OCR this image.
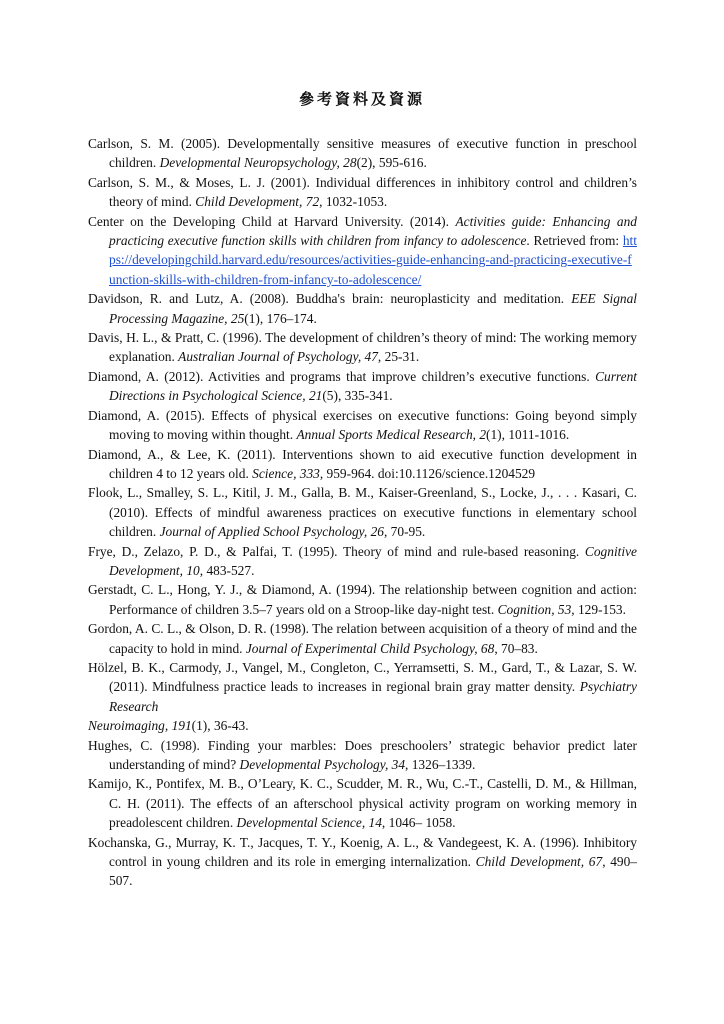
參考資料及資源

Carlson, S. M. (2005). Developmentally sensitive measures of executive function in preschool children. Developmental Neuropsychology, 28(2), 595-616.

Carlson, S. M., & Moses, L. J. (2001). Individual differences in inhibitory control and children’s theory of mind. Child Development, 72, 1032-1053.

Center on the Developing Child at Harvard University. (2014). Activities guide: Enhancing and practicing executive function skills with children from infancy to adolescence. Retrieved from: https://developingchild.harvard.edu/resources/activities-guide-enhancing-and-practicing-executive-function-skills-with-children-from-infancy-to-adolescence/

Davidson, R. and Lutz, A. (2008). Buddha's brain: neuroplasticity and meditation. EEE Signal Processing Magazine, 25(1), 176–174.

Davis, H. L., & Pratt, C. (1996). The development of children’s theory of mind: The working memory explanation. Australian Journal of Psychology, 47, 25-31.

Diamond, A. (2012). Activities and programs that improve children’s executive functions. Current Directions in Psychological Science, 21(5), 335-341.

Diamond, A. (2015). Effects of physical exercises on executive functions: Going beyond simply moving to moving within thought. Annual Sports Medical Research, 2(1), 1011-1016.

Diamond, A., & Lee, K. (2011). Interventions shown to aid executive function development in children 4 to 12 years old. Science, 333, 959-964. doi:10.1126/science.1204529

Flook, L., Smalley, S. L., Kitil, J. M., Galla, B. M., Kaiser-Greenland, S., Locke, J., . . . Kasari, C. (2010). Effects of mindful awareness practices on executive functions in elementary school children. Journal of Applied School Psychology, 26, 70-95.

Frye, D., Zelazo, P. D., & Palfai, T. (1995). Theory of mind and rule-based reasoning. Cognitive Development, 10, 483-527.

Gerstadt, C. L., Hong, Y. J., & Diamond, A. (1994). The relationship between cognition and action: Performance of children 3.5–7 years old on a Stroop-like day-night test. Cognition, 53, 129-153.

Gordon, A. C. L., & Olson, D. R. (1998). The relation between acquisition of a theory of mind and the capacity to hold in mind. Journal of Experimental Child Psychology, 68, 70–83.

Hölzel, B. K., Carmody, J., Vangel, M., Congleton, C., Yerramsetti, S. M., Gard, T., & Lazar, S. W. (2011). Mindfulness practice leads to increases in regional brain gray matter density. Psychiatry Research

Neuroimaging, 191(1), 36-43.

Hughes, C. (1998). Finding your marbles: Does preschoolers’ strategic behavior predict later understanding of mind? Developmental Psychology, 34, 1326–1339.

Kamijo, K., Pontifex, M. B., O’Leary, K. C., Scudder, M. R., Wu, C.-T., Castelli, D. M., & Hillman, C. H. (2011). The effects of an afterschool physical activity program on working memory in preadolescent children. Developmental Science, 14, 1046– 1058.

Kochanska, G., Murray, K. T., Jacques, T. Y., Koenig, A. L., & Vandegeest, K. A. (1996). Inhibitory control in young children and its role in emerging internalization. Child Development, 67, 490–507.
